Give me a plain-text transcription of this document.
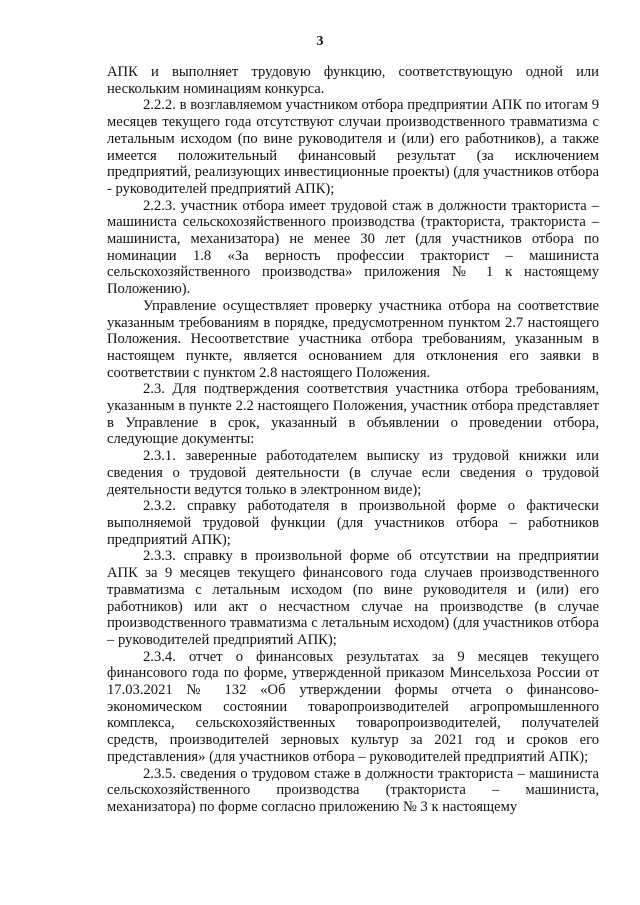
3

АПК и выполняет трудовую функцию, соответствующую одной или нескольким номинациям конкурса.

2.2.2. в возглавляемом участником отбора предприятии АПК по итогам 9 месяцев текущего года отсутствуют случаи производственного травматизма с летальным исходом (по вине руководителя и (или) его работников), а также имеется положительный финансовый результат (за исключением предприятий, реализующих инвестиционные проекты) (для участников отбора - руководителей предприятий АПК);

2.2.3. участник отбора имеет трудовой стаж в должности тракториста – машиниста сельскохозяйственного производства (тракториста, тракториста – машиниста, механизатора) не менее 30 лет (для участников отбора по номинации 1.8 «За верность профессии тракторист – машиниста сельскохозяйственного производства» приложения № 1 к настоящему Положению).

Управление осуществляет проверку участника отбора на соответствие указанным требованиям в порядке, предусмотренном пунктом 2.7 настоящего Положения. Несоответствие участника отбора требованиям, указанным в настоящем пункте, является основанием для отклонения его заявки в соответствии с пунктом 2.8 настоящего Положения.

2.3. Для подтверждения соответствия участника отбора требованиям, указанным в пункте 2.2 настоящего Положения, участник отбора представляет в Управление в срок, указанный в объявлении о проведении отбора, следующие документы:

2.3.1. заверенные работодателем выписку из трудовой книжки или сведения о трудовой деятельности (в случае если сведения о трудовой деятельности ведутся только в электронном виде);

2.3.2. справку работодателя в произвольной форме о фактически выполняемой трудовой функции (для участников отбора – работников предприятий АПК);

2.3.3. справку в произвольной форме об отсутствии на предприятии АПК за 9 месяцев текущего финансового года случаев производственного травматизма с летальным исходом (по вине руководителя и (или) его работников) или акт о несчастном случае на производстве (в случае производственного травматизма с летальным исходом) (для участников отбора – руководителей предприятий АПК);

2.3.4. отчет о финансовых результатах за 9 месяцев текущего финансового года по форме, утвержденной приказом Минсельхоза России от 17.03.2021 № 132 «Об утверждении формы отчета о финансово-экономическом состоянии товаропроизводителей агропромышленного комплекса, сельскохозяйственных товаропроизводителей, получателей средств, производителей зерновых культур за 2021 год и сроков его представления» (для участников отбора – руководителей предприятий АПК);

2.3.5. сведения о трудовом стаже в должности тракториста – машиниста сельскохозяйственного производства (тракториста – машиниста, механизатора) по форме согласно приложению № 3 к настоящему
